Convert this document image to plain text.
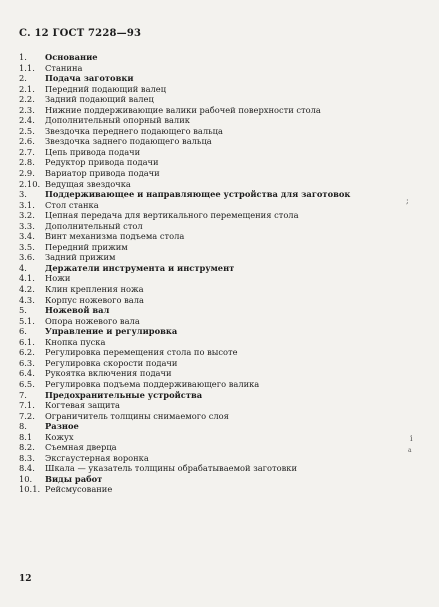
С. 12 ГОСТ 7228—93
1. Основание
1.1. Станина
2. Подача заготовки
2.1. Передний подающий валец
2.2. Задний подающий валец
2.3. Нижние поддерживающие валики рабочей поверхности стола
2.4. Дополнительный опорный валик
2.5. Звездочка переднего подающего вальца
2.6. Звездочка заднего подающего вальца
2.7. Цепь привода подачи
2.8. Редуктор привода подачи
2.9. Вариатор привода подачи
2.10. Ведущая звездочка
3. Поддерживающее и направляющее устройства для заготовок
3.1. Стол станка
3.2. Цепная передача для вертикального перемещения стола
3.3. Дополнительный стол
3.4. Винт механизма подъема стола
3.5. Передний прижим
3.6. Задний прижим
4. Держатели инструмента и инструмент
4.1. Ножи
4.2. Клин крепления ножа
4.3. Корпус ножевого вала
5. Ножевой вал
5.1. Опора ножевого вала
6. Управление и регулировка
6.1. Кнопка пуска
6.2. Регулировка перемещения стола по высоте
6.3. Регулировка скорости подачи
6.4. Рукоятка включения подачи
6.5. Регулировка подъема поддерживающего валика
7. Предохранительные устройства
7.1. Когтевая защита
7.2. Ограничитель толщины снимаемого слоя
8. Разное
8.1 Кожух
8.2. Съемная дверца
8.3. Эксгаустерная воронка
8.4. Шкала — указатель толщины обрабатываемой заготовки
10. Виды работ
10.1. Рейсмусование
;
i
a
12
